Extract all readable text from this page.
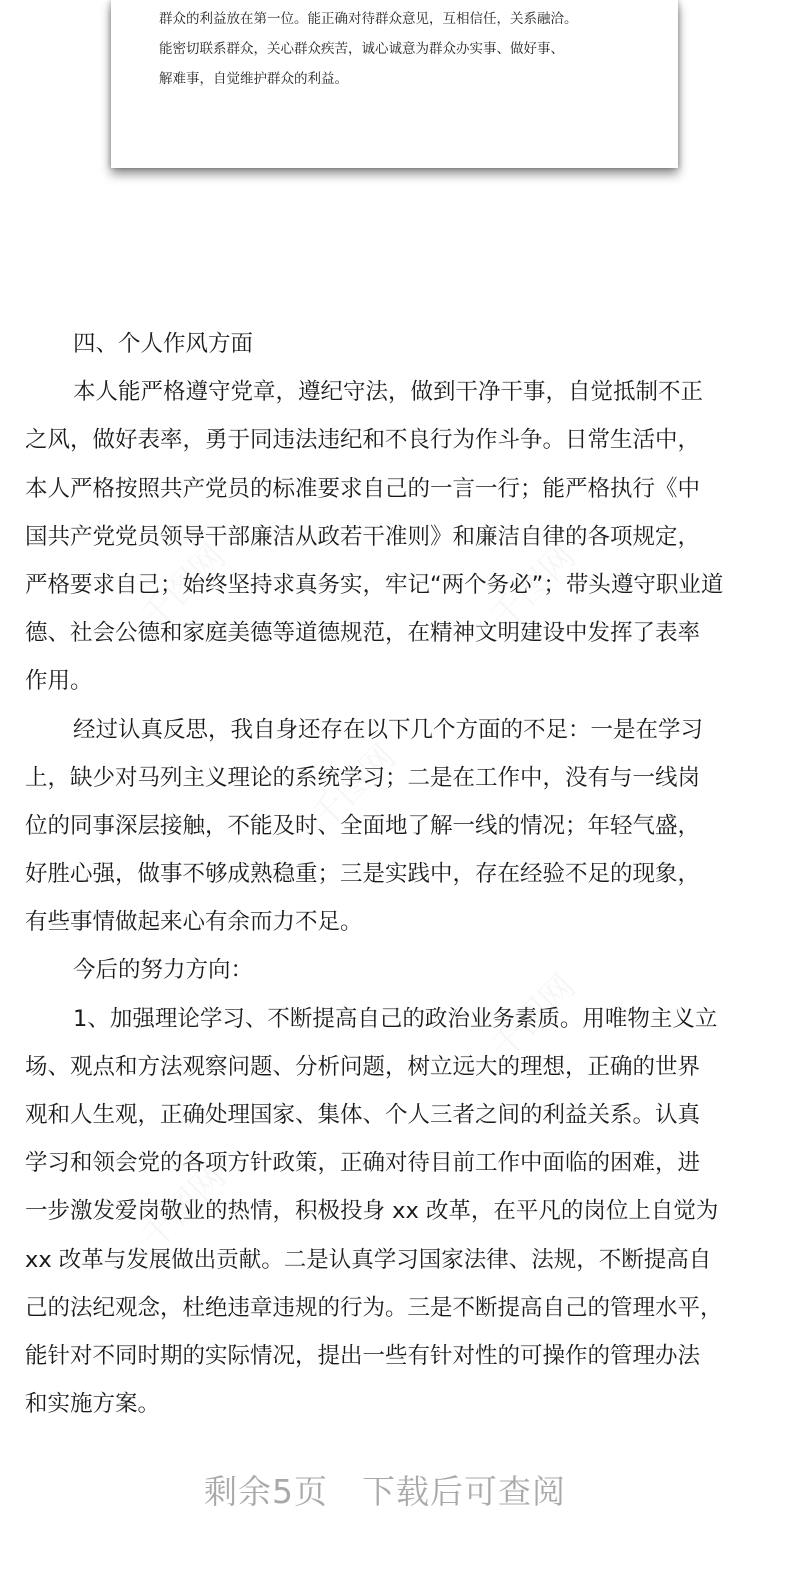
群众的利益放在第一位。能正确对待群众意见，互相信任，关系融洽。
能密切联系群众，关心群众疾苦，诚心诚意为群众办实事、做好事、
解难事，自觉维护群众的利益。
四、个人作风方面
本人能严格遵守党章，遵纪守法，做到干净干事，自觉抵制不正
之风，做好表率，勇于同违法违纪和不良行为作斗争。日常生活中，
本人严格按照共产党员的标准要求自己的一言一行；能严格执行《中
国共产党党员领导干部廉洁从政若干准则》和廉洁自律的各项规定，
严格要求自己；始终坚持求真务实，牢记“两个务必”；带头遵守职业道
德、社会公德和家庭美德等道德规范，在精神文明建设中发挥了表率
作用。
经过认真反思，我自身还存在以下几个方面的不足：一是在学习
上，缺少对马列主义理论的系统学习；二是在工作中，没有与一线岗
位的同事深层接触，不能及时、全面地了解一线的情况；年轻气盛，
好胜心强，做事不够成熟稳重；三是实践中，存在经验不足的现象，
有些事情做起来心有余而力不足。
今后的努力方向：
1、加强理论学习、不断提高自己的政治业务素质。用唯物主义立
场、观点和方法观察问题、分析问题，树立远大的理想，正确的世界
观和人生观，正确处理国家、集体、个人三者之间的利益关系。认真
学习和领会党的各项方针政策，正确对待目前工作中面临的困难，进
一步激发爱岗敬业的热情，积极投身 xx 改革，在平凡的岗位上自觉为
xx 改革与发展做出贡献。二是认真学习国家法律、法规，不断提高自
己的法纪观念，杜绝违章违规的行为。三是不断提高自己的管理水平，
能针对不同时期的实际情况，提出一些有针对性的可操作的管理办法
和实施方案。
剩余5页 下载后可查阅
